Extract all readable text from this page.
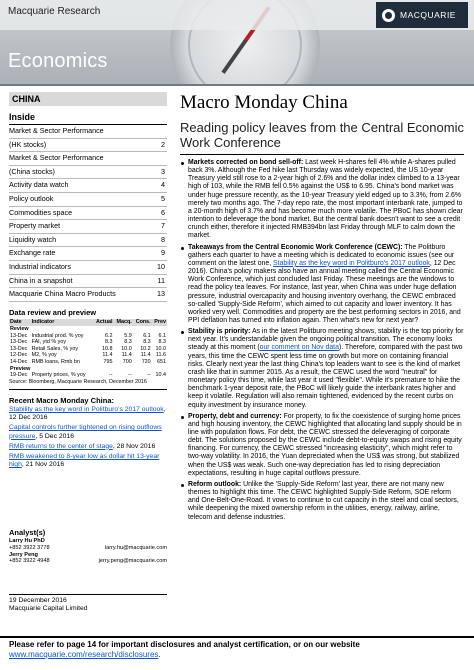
Macquarie Research	MACQUARIE
Economics
CHINA
Inside
Market & Sector Performance
(HK stocks)	2
Market & Sector Performance
(China stocks)	3
Activity data watch	4
Policy outlook	5
Commodities space	6
Property market	7
Liquidity watch	8
Exchange rate	9
Industrial indicators	10
China in a snapshot	11
Macquarie China Macro Products	13
Data review and preview
Date	Indicator	Actual	Macq.	Cons.	Prev
Review					
13-Dec	Industrial prod. % yoy	6.2	5.9	6.1	6.1
13-Dec	FAI, ytd % yoy	8.3	8.3	8.3	8.3
13-Dec	Retail Sales, % yoy	10.8	10.0	10.2	10.0
12-Dec	M2, % yoy	11.4	11.4	11.4	11.6
14-Dec	RMB loans, Rmb bn	795	700	720	651
Preview					
19-Dec	Property prices, % yoy	--	--	--	10.4
Source: Bloomberg, Macquarie Research, December 2016
Recent Macro Monday China:
Stability as the key word in Politburo's 2017 outlook, 12 Dec 2016
Capital controls further tightened on rising outflows pressure, 5 Dec 2016
RMB returns to the center of stage, 28 Nov 2016
RMB weakened to 8-year low as dollar hit 13-year high, 21 Nov 2016
Analyst(s)
Larry Hu PhD
+852 3922 3778	larry.hu@macquarie.com
Jerry Peng
+852 3922 4948	jerry.peng@macquarie.com
19 December 2016
Macquarie Capital Limited
Macro Monday China
Reading policy leaves from the Central Economic Work Conference
Markets corrected on bond sell-off: Last week H-shares fell 4% while A-shares pulled back 3%. Although the Fed hike last Thursday was widely expected, the US 10-year Treasury yield still rose to a 2-year high of 2.6% and the dollar index climbed to a 13-year high of 103, while the RMB fell 0.5% against the US$ to 6.95. China's bond market was under huge pressure recently, as the 10-year Treasury yield edged up to 3.3%, from 2.6% merely two months ago. The 7-day repo rate, the most important interbank rate, jumped to a 20-month high of 3.7% and has become much more volatile. The PBoC has shown clear intention to deleverage the bond market. But the central bank doesn't want to see a credit crunch either, therefore it injected RMB394bn last Friday through MLF to calm down the market.
Takeaways from the Central Economic Work Conference (CEWC): The Politburo gathers each quarter to have a meeting which is dedicated to economic issues (see our comment on the latest one, Stability as the key word in Politburo's 2017 outlook, 12 Dec 2016). China's policy makers also have an annual meeting called the Central Economic Work Conference, which just concluded last Friday. These meetings are the windows to read the policy tea leaves. For instance, last year, when China was under huge deflation pressure, industrial overcapacity and housing inventory overhang, the CEWC embraced so-called 'Supply-Side Reform', which aimed to cut capacity and lower inventory. It has worked very well. Commodities and property are the best performing sectors in 2016, and PPI deflation has turned into inflation again. Then what's new for next year?
Stability is priority: As in the latest Politburo meeting shows, stability is the top priority for next year. It's understandable given the ongoing political transition. The economy looks steady at this moment (our comment on Nov data). Therefore, compared with the past two years, this time the CEWC spent less time on growth but more on containing financial risks. Clearly next year the last thing China's top leaders want to see is the kind of market crash like that in summer 2015. As a result, the CEWC used the word "neutral" for monetary policy this time, while last year it used "flexible". While it's premature to hike the benchmark 1-year deposit rate, the PBoC will likely guide the interbank rates higher and keep it volatile. Regulation will also remain tightened, evidenced by the recent curbs on equity investment by insurance money.
Property, debt and currency: For property, to fix the coexistence of surging home prices and high housing inventory, the CEWC highlighted that allocating land supply should be in line with population flows. For debt, the CEWC stressed the deleveraging of corporate debt. The solutions proposed by the CEWC include debt-to-equity swaps and rising equity financing. For currency, the CEWC stressed "increasing elasticity", which might refer to two-way volatility. In 2016, the Yuan depreciated when the US$ was strong, but stabilized when the US$ was weak. Such one-way depreciation has led to rising depreciation expectations, resulting in huge capital outflows pressure.
Reform outlook: Unlike the 'Supply-Side Reform' last year, there are not many new themes to highlight this time. The CEWC highlighted Supply-Side Reform, SOE reform and One-Belt-One-Road. It vows to continue to cut capacity in the steel and coal sectors, while deepening the mixed ownership reform in the utilities, energy, railway, airline, telecom and defense industries.
Please refer to page 14 for important disclosures and analyst certification, or on our website
www.macquarie.com/research/disclosures .
